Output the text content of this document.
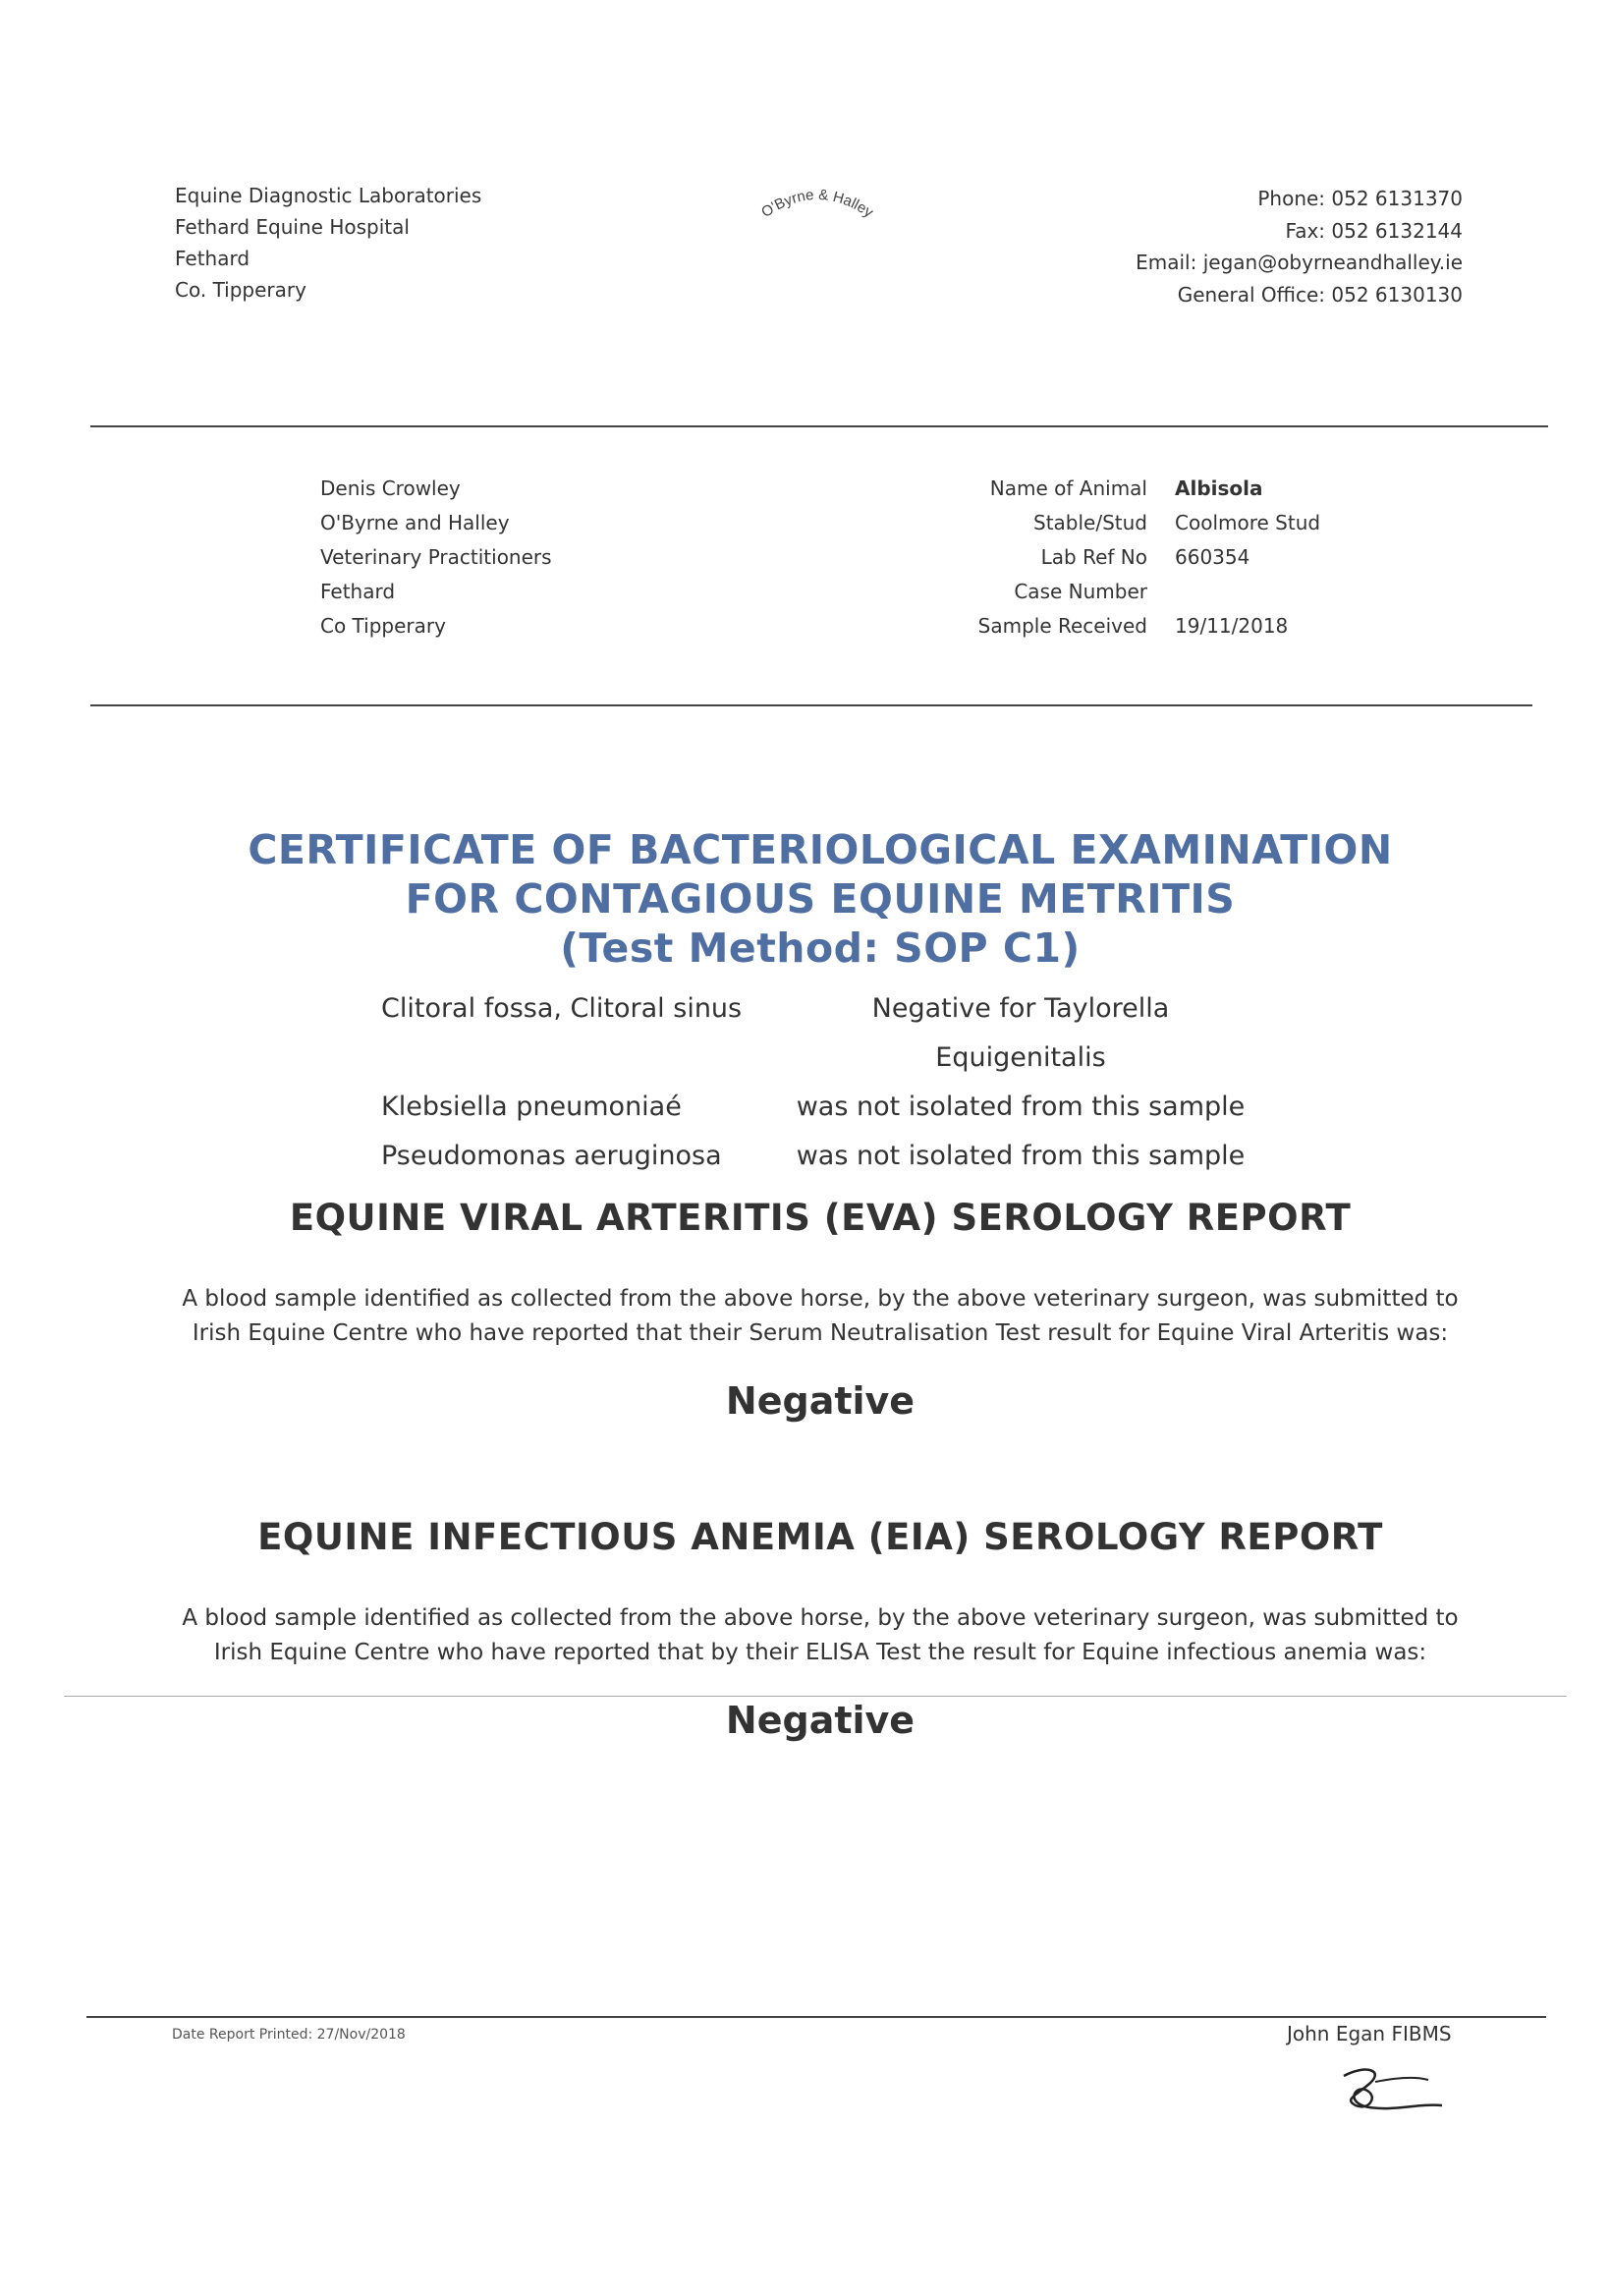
Equine Diagnostic Laboratories
Fethard Equine Hospital
Fethard
Co. Tipperary
O'Byrne & Halley
Phone: 052 6131370
Fax: 052 6132144
Email: jegan@obyrneandhalley.ie
General Office: 052 6130130
Denis Crowley
O'Byrne and Halley
Veterinary Practitioners
Fethard
Co Tipperary
Name of Animal	Albisola
Stable/Stud	Coolmore Stud
Lab Ref No	660354
Case Number
Sample Received	19/11/2018
CERTIFICATE OF BACTERIOLOGICAL EXAMINATION
FOR CONTAGIOUS EQUINE METRITIS
(Test Method: SOP C1)
Clitoral fossa, Clitoral sinus	Negative for Taylorella Equigenitalis
Klebsiella pneumoniaé	was not isolated from this sample
Pseudomonas aeruginosa	was not isolated from this sample
EQUINE VIRAL ARTERITIS (EVA) SEROLOGY REPORT
A blood sample identified as collected from the above horse, by the above veterinary surgeon, was submitted to
Irish Equine Centre who have reported that their Serum Neutralisation Test result for Equine Viral Arteritis was:
Negative
EQUINE INFECTIOUS ANEMIA (EIA) SEROLOGY REPORT
A blood sample identified as collected from the above horse, by the above veterinary surgeon, was submitted to
Irish Equine Centre who have reported that by their ELISA Test the result for Equine infectious anemia was:
Negative
Date Report Printed: 27/Nov/2018	John Egan FIBMS
